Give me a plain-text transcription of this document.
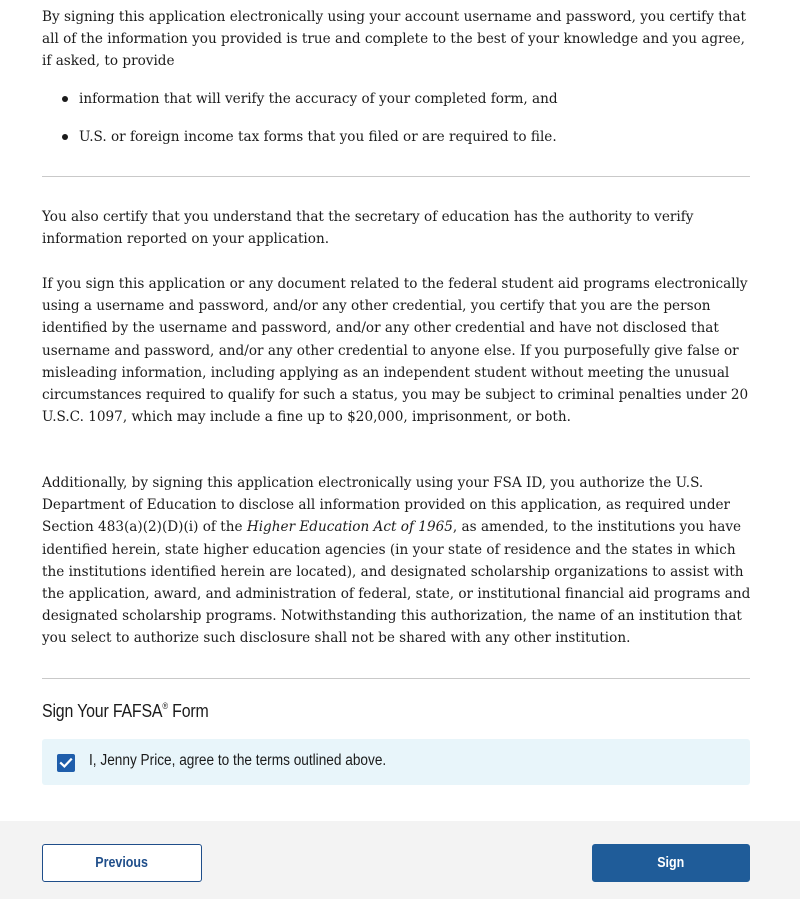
By signing this application electronically using your account username and password, you certify that all of the information you provided is true and complete to the best of your knowledge and you agree, if asked, to provide

information that will verify the accuracy of your completed form, and
U.S. or foreign income tax forms that you filed or are required to file.

You also certify that you understand that the secretary of education has the authority to verify information reported on your application.

If you sign this application or any document related to the federal student aid programs electronically using a username and password, and/or any other credential, you certify that you are the person identified by the username and password, and/or any other credential and have not disclosed that username and password, and/or any other credential to anyone else. If you purposefully give false or misleading information, including applying as an independent student without meeting the unusual circumstances required to qualify for such a status, you may be subject to criminal penalties under 20 U.S.C. 1097, which may include a fine up to $20,000, imprisonment, or both.

Additionally, by signing this application electronically using your FSA ID, you authorize the U.S. Department of Education to disclose all information provided on this application, as required under Section 483(a)(2)(D)(i) of the Higher Education Act of 1965, as amended, to the institutions you have identified herein, state higher education agencies (in your state of residence and the states in which the institutions identified herein are located), and designated scholarship organizations to assist with the application, award, and administration of federal, state, or institutional financial aid programs and designated scholarship programs. Notwithstanding this authorization, the name of an institution that you select to authorize such disclosure shall not be shared with any other institution.

Sign Your FAFSA® Form
I, Jenny Price, agree to the terms outlined above.
Previous	Sign
